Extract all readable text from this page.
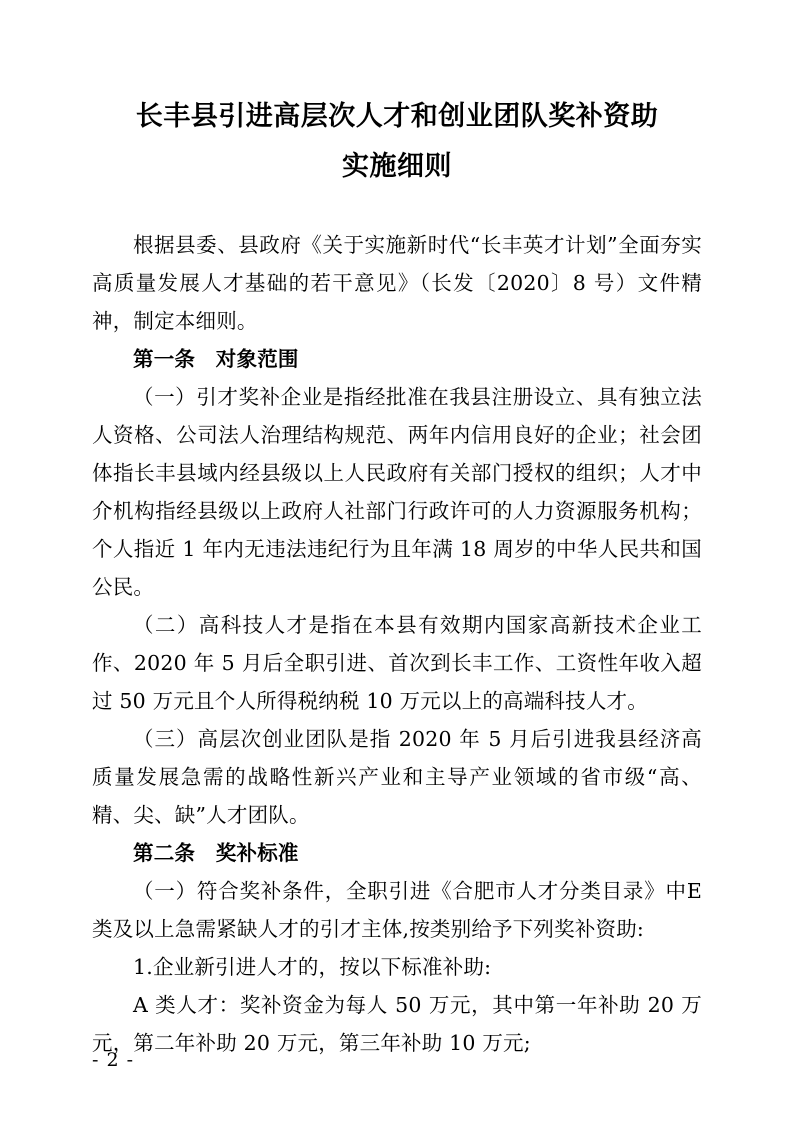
长丰县引进高层次人才和创业团队奖补资助
实施细则

根据县委、县政府《关于实施新时代“长丰英才计划”全面夯实高质量发展人才基础的若干意见》（长发〔2020〕8 号）文件精神，制定本细则。

第一条　对象范围

（一）引才奖补企业是指经批准在我县注册设立、具有独立法人资格、公司法人治理结构规范、两年内信用良好的企业；社会团体指长丰县域内经县级以上人民政府有关部门授权的组织；人才中介机构指经县级以上政府人社部门行政许可的人力资源服务机构；个人指近 1 年内无违法违纪行为且年满 18 周岁的中华人民共和国公民。

（二）高科技人才是指在本县有效期内国家高新技术企业工作、2020 年 5 月后全职引进、首次到长丰工作、工资性年收入超过 50 万元且个人所得税纳税 10 万元以上的高端科技人才。

（三）高层次创业团队是指 2020 年 5 月后引进我县经济高质量发展急需的战略性新兴产业和主导产业领域的省市级“高、精、尖、缺”人才团队。

第二条　奖补标准

（一）符合奖补条件，全职引进《合肥市人才分类目录》中E 类及以上急需紧缺人才的引才主体,按类别给予下列奖补资助:

1.企业新引进人才的，按以下标准补助:

A 类人才：奖补资金为每人 50 万元，其中第一年补助 20 万元，第二年补助 20 万元，第三年补助 10 万元;

- 2 -
